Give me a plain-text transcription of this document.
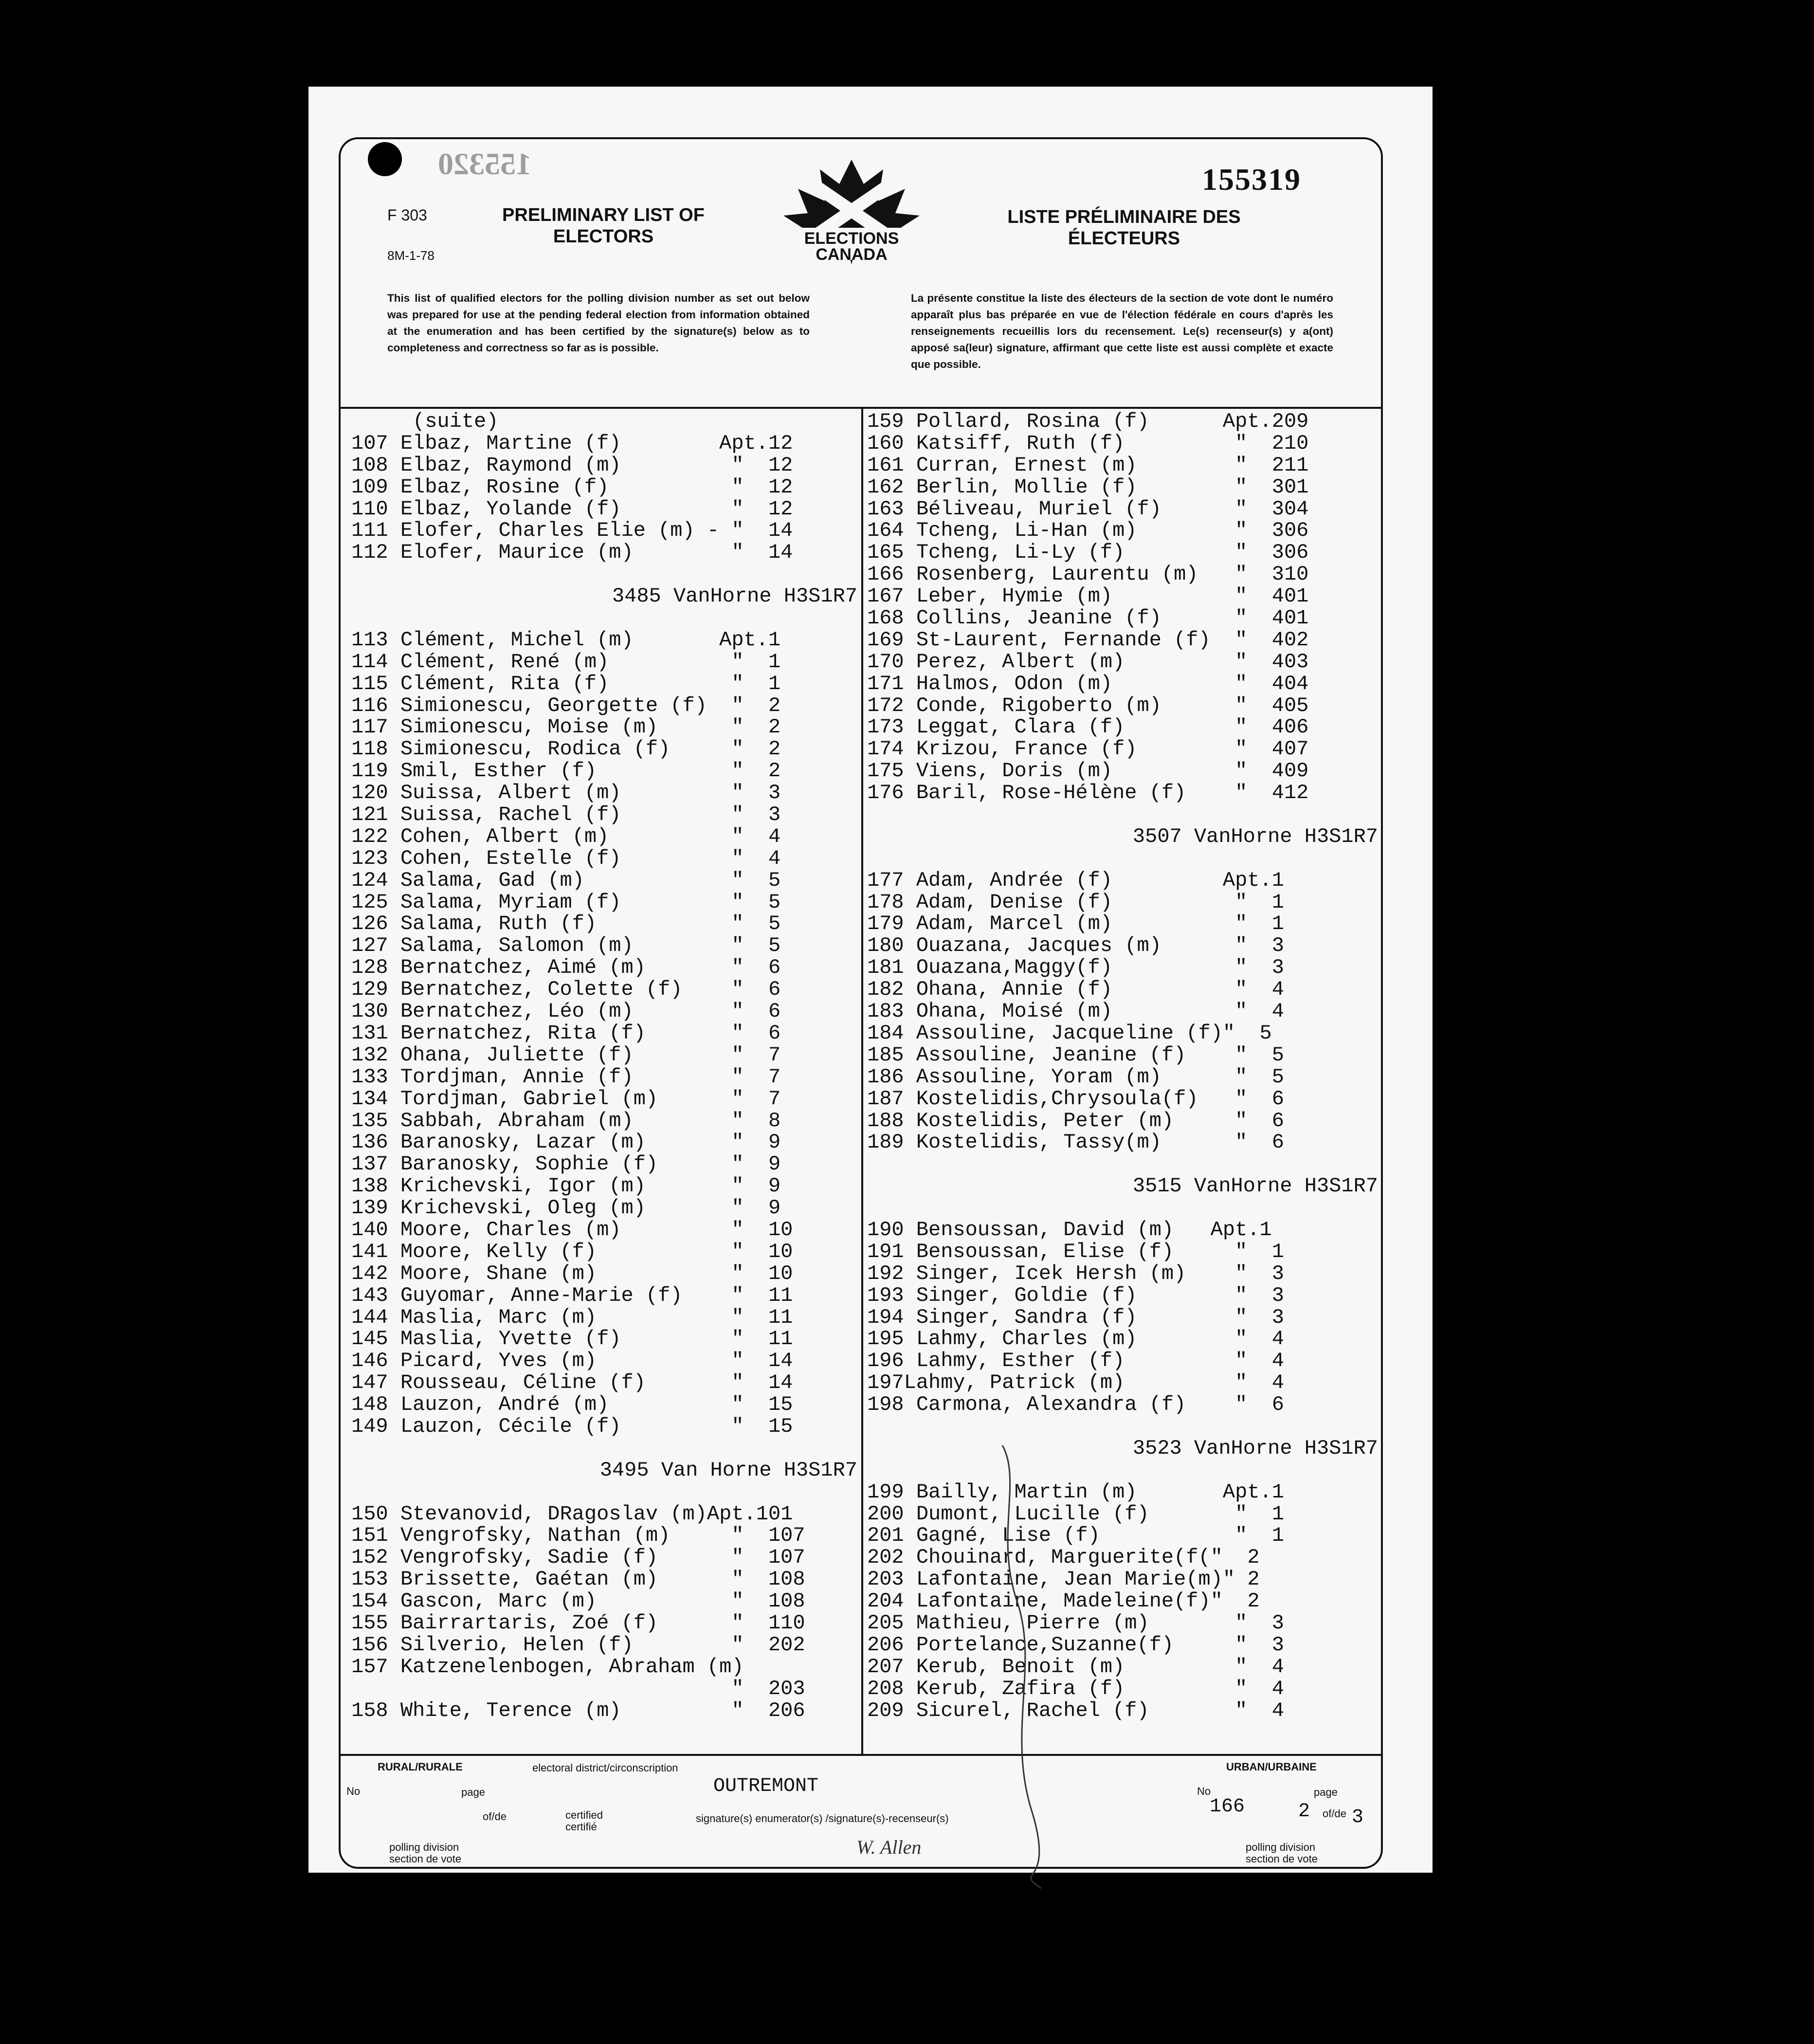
155320	155319
F 303
8M-1-78
PRELIMINARY LIST OF ELECTORS
LISTE PRÉLIMINAIRE DES ÉLECTEURS
ELECTIONS
CANADA
This list of qualified electors for the polling division number as set out below was prepared for use at the pending federal election from information obtained at the enumeration and has been certified by the signature(s) below as to completeness and correctness so far as is possible.
La présente constitue la liste des électeurs de la section de vote dont le numéro apparaît plus bas préparée en vue de l'élection fédérale en cours d'après les renseignements recueillis lors du recensement. Le(s) recenseur(s) y a(ont) apposé sa(leur) signature, affirmant que cette liste est aussi complète et exacte que possible.
(suite)
107 Elbaz, Martine (f)        Apt.12
108 Elbaz, Raymond (m)         "  12
109 Elbaz, Rosine (f)          "  12
110 Elbaz, Yolande (f)         "  12
111 Elofer, Charles Elie (m) - "  14
112 Elofer, Maurice (m)        "  14
3485 VanHorne H3S1R7
113 Clément, Michel (m)       Apt.1
114 Clément, René (m)          "  1
115 Clément, Rita (f)          "  1
116 Simionescu, Georgette (f)  "  2
117 Simionescu, Moise (m)      "  2
118 Simionescu, Rodica (f)     "  2
119 Smil, Esther (f)           "  2
120 Suissa, Albert (m)         "  3
121 Suissa, Rachel (f)         "  3
122 Cohen, Albert (m)          "  4
123 Cohen, Estelle (f)         "  4
124 Salama, Gad (m)            "  5
125 Salama, Myriam (f)         "  5
126 Salama, Ruth (f)           "  5
127 Salama, Salomon (m)        "  5
128 Bernatchez, Aimé (m)       "  6
129 Bernatchez, Colette (f)    "  6
130 Bernatchez, Léo (m)        "  6
131 Bernatchez, Rita (f)       "  6
132 Ohana, Juliette (f)        "  7
133 Tordjman, Annie (f)        "  7
134 Tordjman, Gabriel (m)      "  7
135 Sabbah, Abraham (m)        "  8
136 Baranosky, Lazar (m)       "  9
137 Baranosky, Sophie (f)      "  9
138 Krichevski, Igor (m)       "  9
139 Krichevski, Oleg (m)       "  9
140 Moore, Charles (m)         "  10
141 Moore, Kelly (f)           "  10
142 Moore, Shane (m)           "  10
143 Guyomar, Anne-Marie (f)    "  11
144 Maslia, Marc (m)           "  11
145 Maslia, Yvette (f)         "  11
146 Picard, Yves (m)           "  14
147 Rousseau, Céline (f)       "  14
148 Lauzon, André (m)          "  15
149 Lauzon, Cécile (f)         "  15
3495 Van Horne H3S1R7
150 Stevanovid, DRagoslav (m)Apt.101
151 Vengrofsky, Nathan (m)     "  107
152 Vengrofsky, Sadie (f)      "  107
153 Brissette, Gaétan (m)      "  108
154 Gascon, Marc (m)           "  108
155 Bairrartaris, Zoé (f)      "  110
156 Silverio, Helen (f)        "  202
157 Katzenelenbogen, Abraham (m)
"  203
158 White, Terence (m)         "  206
159 Pollard, Rosina (f)      Apt.209
160 Katsiff, Ruth (f)         "  210
161 Curran, Ernest (m)        "  211
162 Berlin, Mollie (f)        "  301
163 Béliveau, Muriel (f)      "  304
164 Tcheng, Li-Han (m)        "  306
165 Tcheng, Li-Ly (f)         "  306
166 Rosenberg, Laurentu (m)   "  310
167 Leber, Hymie (m)          "  401
168 Collins, Jeanine (f)      "  401
169 St-Laurent, Fernande (f)  "  402
170 Perez, Albert (m)         "  403
171 Halmos, Odon (m)          "  404
172 Conde, Rigoberto (m)      "  405
173 Leggat, Clara (f)         "  406
174 Krizou, France (f)        "  407
175 Viens, Doris (m)          "  409
176 Baril, Rose-Hélène (f)    "  412
3507 VanHorne H3S1R7
177 Adam, Andrée (f)         Apt.1
178 Adam, Denise (f)          "  1
179 Adam, Marcel (m)          "  1
180 Ouazana, Jacques (m)      "  3
181 Ouazana,Maggy(f)          "  3
182 Ohana, Annie (f)          "  4
183 Ohana, Moisé (m)          "  4
184 Assouline, Jacqueline (f)"  5
185 Assouline, Jeanine (f)    "  5
186 Assouline, Yoram (m)      "  5
187 Kostelidis,Chrysoula(f)   "  6
188 Kostelidis, Peter (m)     "  6
189 Kostelidis, Tassy(m)      "  6
3515 VanHorne H3S1R7
190 Bensoussan, David (m)   Apt.1
191 Bensoussan, Elise (f)     "  1
192 Singer, Icek Hersh (m)    "  3
193 Singer, Goldie (f)        "  3
194 Singer, Sandra (f)        "  3
195 Lahmy, Charles (m)        "  4
196 Lahmy, Esther (f)         "  4
197Lahmy, Patrick (m)         "  4
198 Carmona, Alexandra (f)    "  6
3523 VanHorne H3S1R7
199 Bailly, Martin (m)       Apt.1
200 Dumont, Lucille (f)       "  1
201 Gagné, Lise (f)           "  1
202 Chouinard, Marguerite(f("  2
203 Lafontaine, Jean Marie(m)" 2
204 Lafontaine, Madeleine(f)"  2
205 Mathieu, Pierre (m)       "  3
206 Portelance,Suzanne(f)     "  3
207 Kerub, Benoit (m)         "  4
208 Kerub, Zafira (f)         "  4
209 Sicurel, Rachel (f)       "  4
RURAL/RURALE	electoral district/circonscription	URBAN/URBAINE
No	page	OUTREMONT	No	page
of/de	certified certifié
signature(s) enumerator(s) /signature(s)-recenseur(s)
166	2 of/de 3
polling division section de vote
polling division section de vote
W. Allen
